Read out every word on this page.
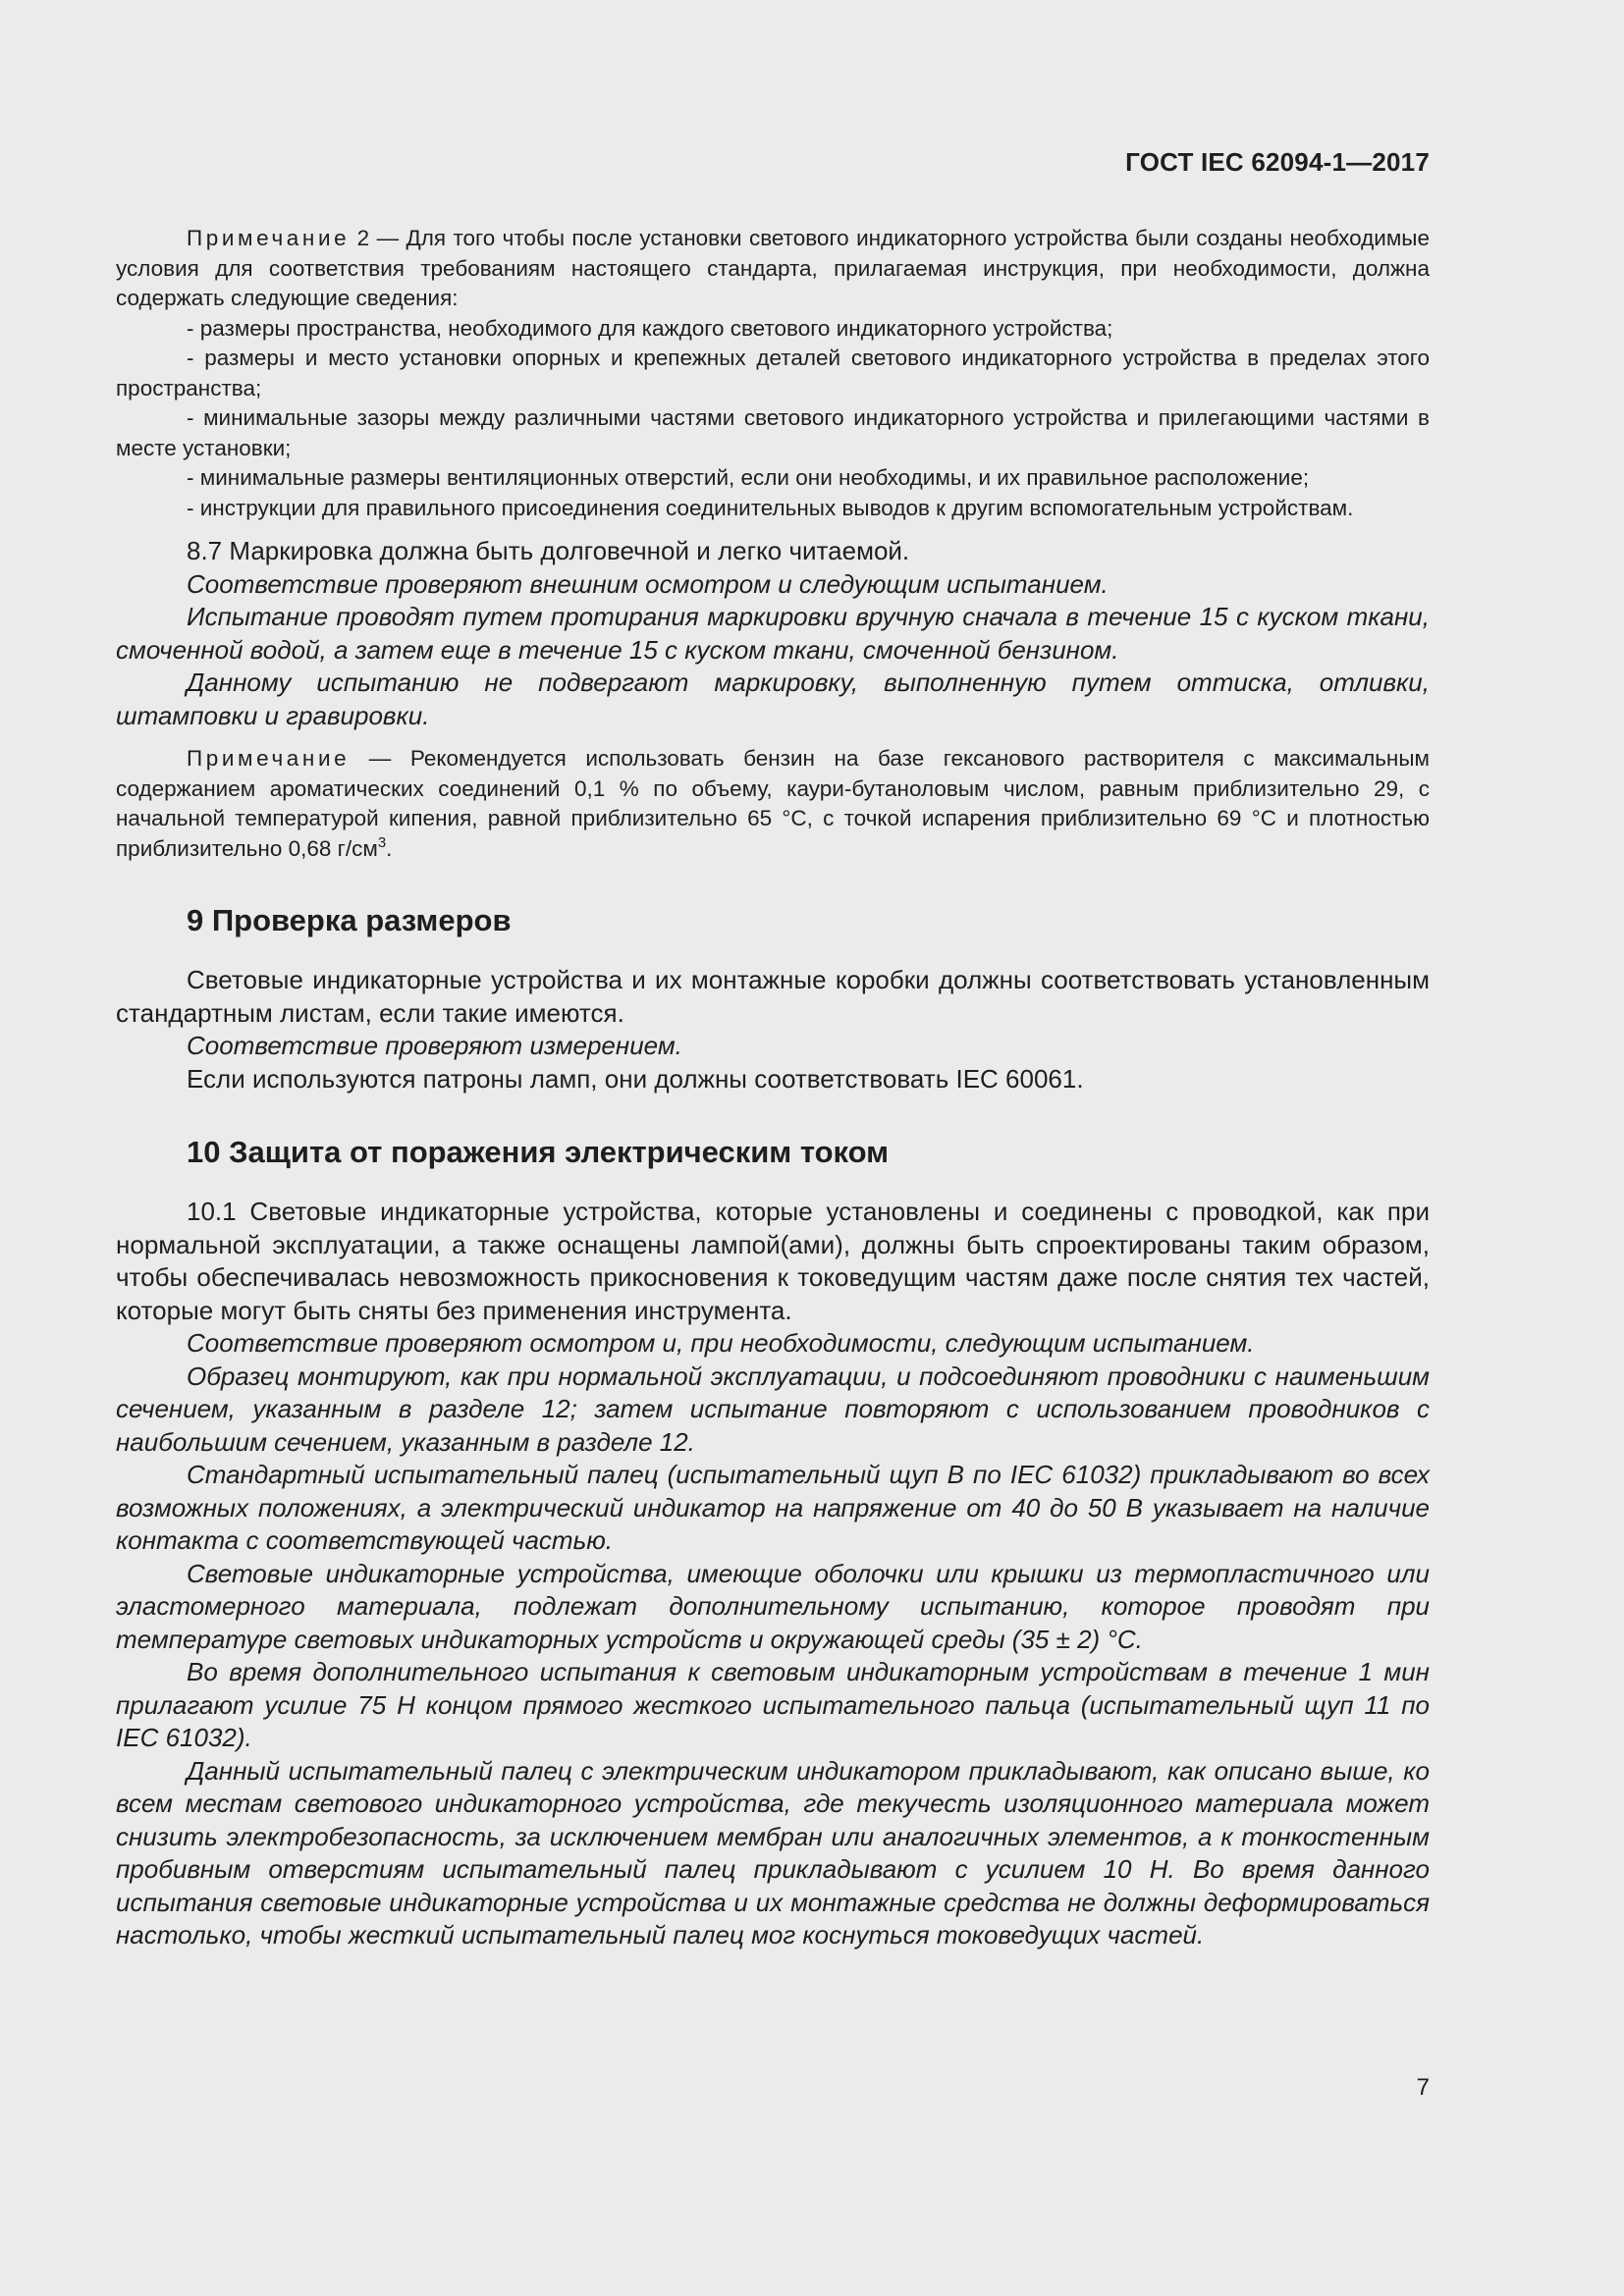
ГОСТ IEC 62094-1—2017

Примечание 2 — Для того чтобы после установки светового индикаторного устройства были созданы необходимые условия для соответствия требованиям настоящего стандарта, прилагаемая инструкция, при необходимости, должна содержать следующие сведения:

- размеры пространства, необходимого для каждого светового индикаторного устройства;
- размеры и место установки опорных и крепежных деталей светового индикаторного устройства в пределах этого пространства;
- минимальные зазоры между различными частями светового индикаторного устройства и прилегающими частями в месте установки;
- минимальные размеры вентиляционных отверстий, если они необходимы, и их правильное расположение;
- инструкции для правильного присоединения соединительных выводов к другим вспомогательным устройствам.

8.7 Маркировка должна быть долговечной и легко читаемой.

Соответствие проверяют внешним осмотром и следующим испытанием.

Испытание проводят путем протирания маркировки вручную сначала в течение 15 с куском ткани, смоченной водой, а затем еще в течение 15 с куском ткани, смоченной бензином.

Данному испытанию не подвергают маркировку, выполненную путем оттиска, отливки, штамповки и гравировки.

Примечание — Рекомендуется использовать бензин на базе гексанового растворителя с максимальным содержанием ароматических соединений 0,1 % по объему, каури-бутаноловым числом, равным приблизительно 29, с начальной температурой кипения, равной приблизительно 65 °С, с точкой испарения приблизительно 69 °С и плотностью приблизительно 0,68 $г/см^3$.

9 Проверка размеров

Световые индикаторные устройства и их монтажные коробки должны соответствовать установленным стандартным листам, если такие имеются.

Соответствие проверяют измерением.

Если используются патроны ламп, они должны соответствовать IEC 60061.

10 Защита от поражения электрическим током

10.1 Световые индикаторные устройства, которые установлены и соединены с проводкой, как при нормальной эксплуатации, а также оснащены лампой(ами), должны быть спроектированы таким образом, чтобы обеспечивалась невозможность прикосновения к токоведущим частям даже после снятия тех частей, которые могут быть сняты без применения инструмента.

Соответствие проверяют осмотром и, при необходимости, следующим испытанием.

Образец монтируют, как при нормальной эксплуатации, и подсоединяют проводники с наименьшим сечением, указанным в разделе 12; затем испытание повторяют с использованием проводников с наибольшим сечением, указанным в разделе 12.

Стандартный испытательный палец (испытательный щуп В по IEC 61032) прикладывают во всех возможных положениях, а электрический индикатор на напряжение от 40 до 50 В указывает на наличие контакта с соответствующей частью.

Световые индикаторные устройства, имеющие оболочки или крышки из термопластичного или эластомерного материала, подлежат дополнительному испытанию, которое проводят при температуре световых индикаторных устройств и окружающей среды (35 ± 2) °С.

Во время дополнительного испытания к световым индикаторным устройствам в течение 1 мин прилагают усилие 75 Н концом прямого жесткого испытательного пальца (испытательный щуп 11 по IEC 61032).

Данный испытательный палец с электрическим индикатором прикладывают, как описано выше, ко всем местам светового индикаторного устройства, где текучесть изоляционного материала может снизить электробезопасность, за исключением мембран или аналогичных элементов, а к тонкостенным пробивным отверстиям испытательный палец прикладывают с усилием 10 Н. Во время данного испытания световые индикаторные устройства и их монтажные средства не должны деформироваться настолько, чтобы жесткий испытательный палец мог коснуться токоведущих частей.

7
